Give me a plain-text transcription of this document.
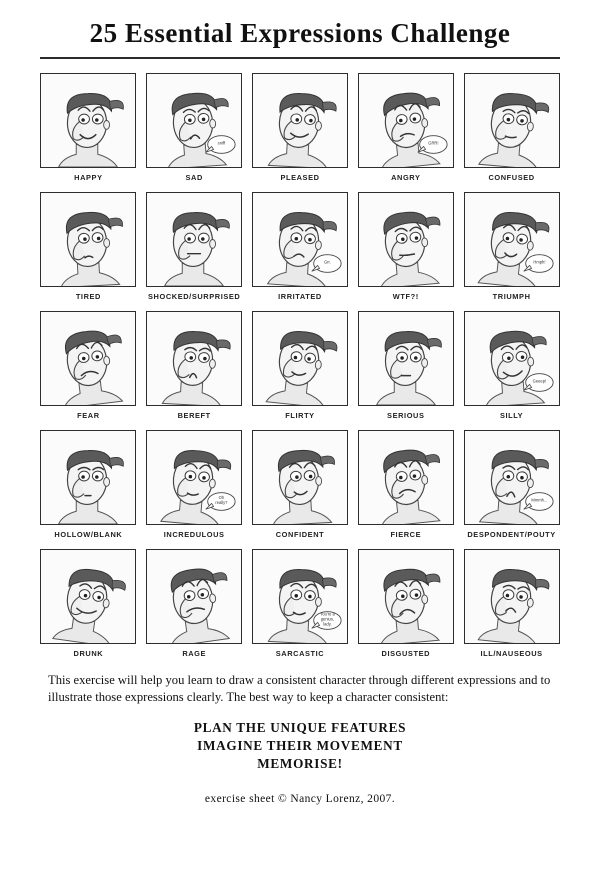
25 Essential Expressions Challenge
HAPPY
sniff
SAD	PLEASED
GRR!
ANGRY	CONFUSED
TIRED	SHOCKED/SURPRISED
Grr.
IRRITATED	WTF?!
Hmph!
TRIUMPH
FEAR	BEREFT	FLIRTY	SERIOUS
Geeep!
SILLY
HOLLOW/BLANK
Oh
really?
INCREDULOUS	CONFIDENT	FIERCE
Mmmh...
DESPONDENT/POUTY
DRUNK	RAGE
You're a
genius,
lady.
SARCASTIC	DISGUSTED	ILL/NAUSEOUS
This exercise will help you learn to draw a consistent character through different expressions and to illustrate those expressions clearly. The best way to keep a character consistent:
PLAN THE UNIQUE FEATURES
IMAGINE THEIR MOVEMENT
MEMORISE!
exercise sheet © Nancy Lorenz, 2007.
